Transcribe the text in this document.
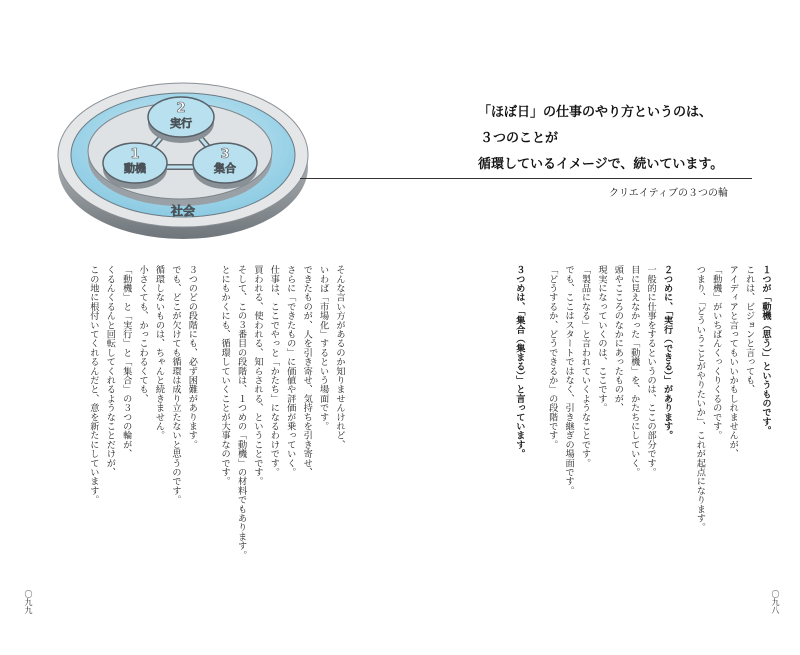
2
実行
1
動機
3
集合
社会
「ほぼ日」の仕事のやり方というのは、
３つのことが
循環しているイメージで、続いています。
クリエイティブの３つの輪

１つが「動機（思う）」というものです。

これは、ビジョンと言っても、

アイディアと言ってもいいかもしれませんが、

「動機」がいちばんくっくりくるのです。

つまり、「どういうことがやりたいか」、これが起点になります。

２つめに、「実行（できる）」があります。

一般的に仕事をするというのは、ここの部分です。

目に見えなかった「動機」を、かたちにしていく。

頭やこころのなかにあったものが、

現実になっていくのは、ここです。

「製品になる」と言われていくようなことです。

でも、ここはスタートではなく、引き継ぎの場面です。

「どうするか、どうできるか」の段階です。

３つめは、「集合（集まる）」と言っています。

そんな言い方があるのか知りませんけれど、

いわば「市場化」するという場面です。

できたものが、人を引き寄せ、気持ちを引き寄せ、

さらに「できたもの」に価値や評価が乗っていく。

仕事は、ここでやっと「かたち」になるわけです。

買われる、使われる、知らされる、ということです。

そして、この３番目の段階は、１つめの「動機」の材料でもあります。

とにもかくにも、循環していくことが大事なのです。

３つのどの段階にも、必ず困難があります。

でも、どこが欠けても循環は成り立たないと思うのです。

循環しないものは、ちゃんと続きません。

小さくても、かっこわるくても、

「動機」と「実行」と「集合」の３つの輪が、

くるんくるんと回転してくれるようなことだけが、

この地に根付いてくれるんだと、意を新たにしています。

〇九九	〇九八
